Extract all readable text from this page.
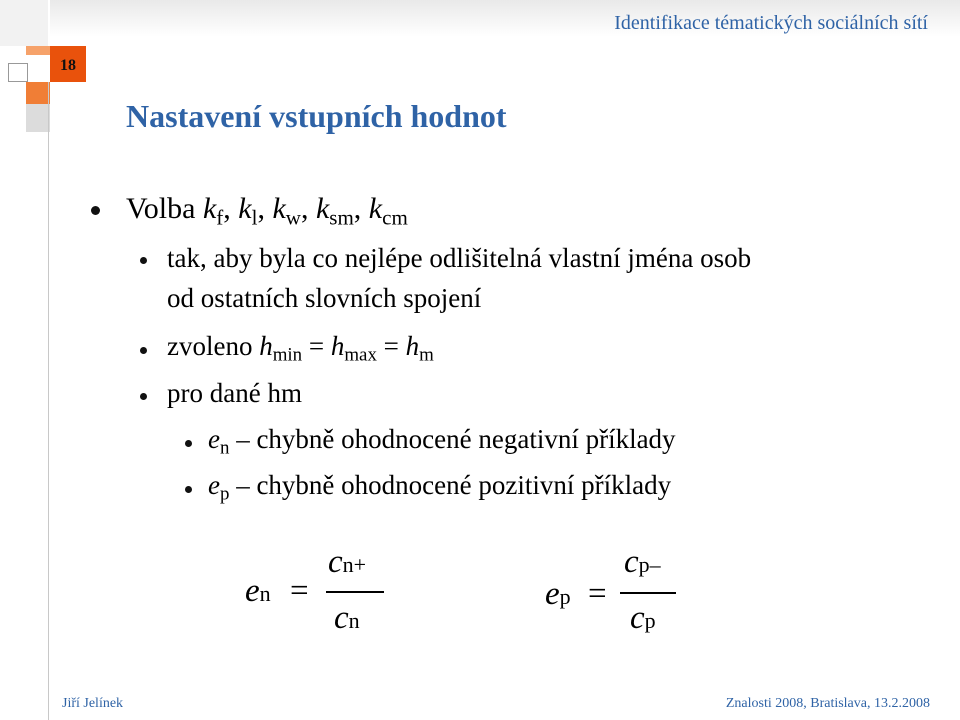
Identifikace tématických sociálních sítí
18
Nastavení vstupních hodnot
Volba $k_f$, $k_l$, $k_w$, $k_{sm}$, $k_{cm}$
tak, aby byla co nejlépe odlišitelná vlastní jména osob
od ostatních slovních spojení
zvoleno $h_{min} = h_{max} = h_m$
pro dané hm
$e_n$ – chybně ohodnocené negativní příklady
$e_p$ – chybně ohodnocené pozitivní příklady
en =
cn+
cn
ep =
cp–
cp
Jiří Jelínek	Znalosti 2008, Bratislava, 13.2.2008
